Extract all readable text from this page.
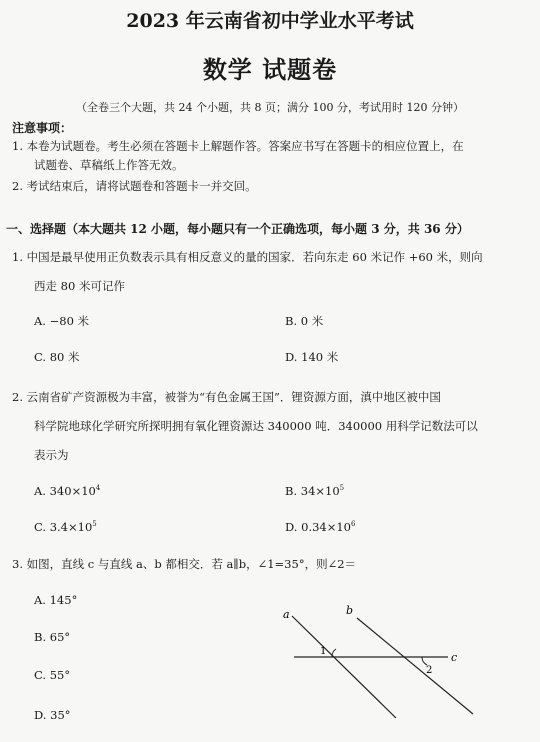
2023 年云南省初中学业水平考试
数学 试题卷
（全卷三个大题，共 24 个小题，共 8 页；满分 100 分，考试用时 120 分钟）
注意事项：
1. 本卷为试题卷。考生必须在答题卡上解题作答。答案应书写在答题卡的相应位置上，在
试题卷、草稿纸上作答无效。
2. 考试结束后，请将试题卷和答题卡一并交回。
一、选择题（本大题共 12 小题，每小题只有一个正确选项，每小题 3 分，共 36 分）
1. 中国是最早使用正负数表示具有相反意义的量的国家．若向东走 60 米记作 +60 米，则向
西走 80 米可记作
A. −80 米	B. 0 米
C. 80 米	D. 140 米
2. 云南省矿产资源极为丰富，被誉为“有色金属王国”．锂资源方面，滇中地区被中国
科学院地球化学研究所探明拥有氧化锂资源达 340000 吨．340000 用科学记数法可以
表示为
A. $340\times 10^4$	B. $34\times 10^5$
C. $3.4\times 10^5$	D. $0.34\times 10^6$
3. 如图，直线 c 与直线 a、b 都相交．若 a∥b，∠1=35°，则∠2＝
A. 145°
B. 65°
C. 55°
D. 35°
a	b
c
1
2
